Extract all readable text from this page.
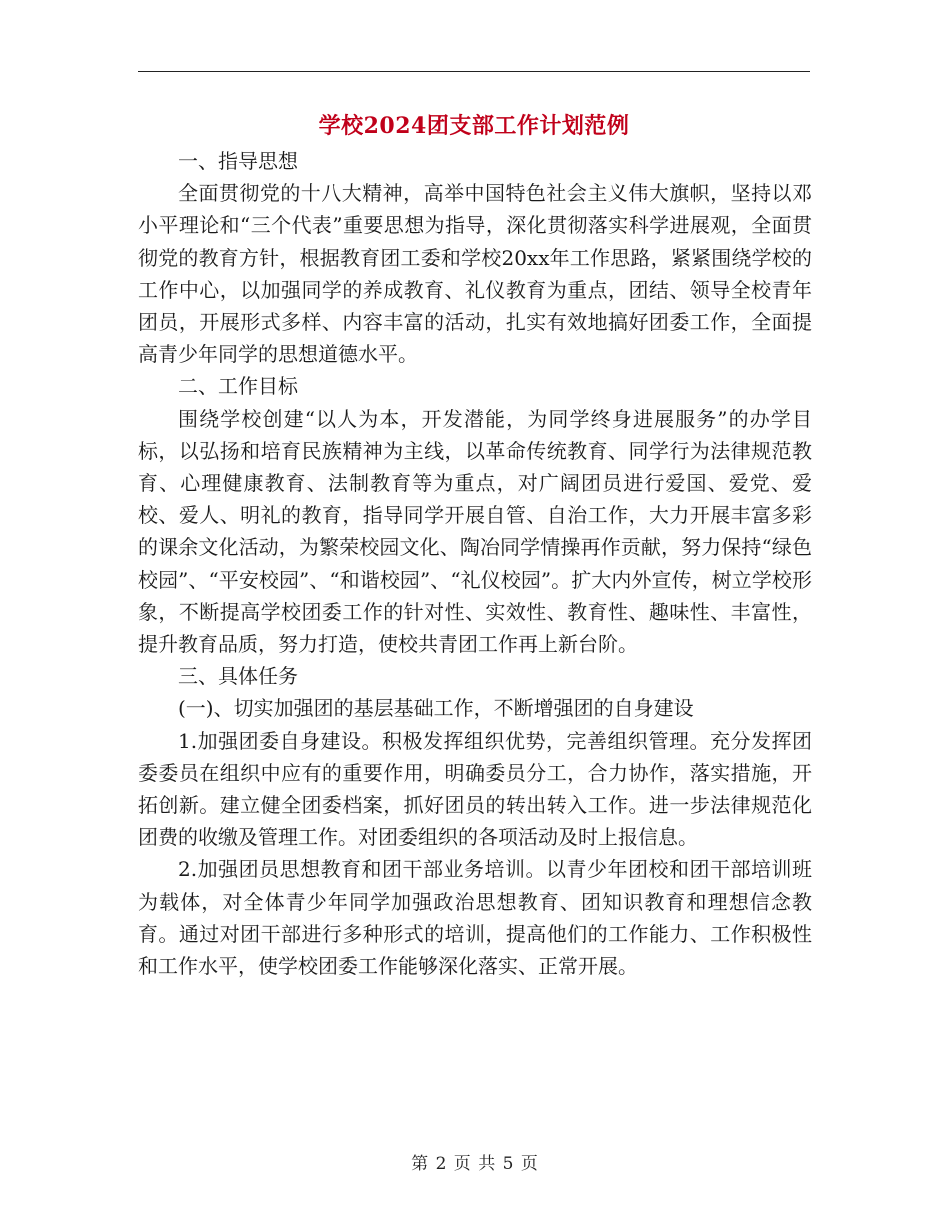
学校2024团支部工作计划范例

一、指导思想

全面贯彻党的十八大精神，高举中国特色社会主义伟大旗帜，坚持以邓小平理论和“三个代表”重要思想为指导，深化贯彻落实科学进展观，全面贯彻党的教育方针，根据教育团工委和学校20xx年工作思路，紧紧围绕学校的工作中心，以加强同学的养成教育、礼仪教育为重点，团结、领导全校青年团员，开展形式多样、内容丰富的活动，扎实有效地搞好团委工作，全面提高青少年同学的思想道德水平。

二、工作目标

围绕学校创建“以人为本，开发潜能，为同学终身进展服务”的办学目标，以弘扬和培育民族精神为主线，以革命传统教育、同学行为法律规范教育、心理健康教育、法制教育等为重点，对广阔团员进行爱国、爱党、爱校、爱人、明礼的教育，指导同学开展自管、自治工作，大力开展丰富多彩的课余文化活动，为繁荣校园文化、陶冶同学情操再作贡献，努力保持“绿色校园”、“平安校园”、“和谐校园”、“礼仪校园”。扩大内外宣传，树立学校形象，不断提高学校团委工作的针对性、实效性、教育性、趣味性、丰富性，提升教育品质，努力打造，使校共青团工作再上新台阶。

三、具体任务

(一)、切实加强团的基层基础工作，不断增强团的自身建设

1.加强团委自身建设。积极发挥组织优势，完善组织管理。充分发挥团委委员在组织中应有的重要作用，明确委员分工，合力协作，落实措施，开拓创新。建立健全团委档案，抓好团员的转出转入工作。进一步法律规范化团费的收缴及管理工作。对团委组织的各项活动及时上报信息。

2.加强团员思想教育和团干部业务培训。以青少年团校和团干部培训班为载体，对全体青少年同学加强政治思想教育、团知识教育和理想信念教育。通过对团干部进行多种形式的培训，提高他们的工作能力、工作积极性和工作水平，使学校团委工作能够深化落实、正常开展。

第 2 页 共 5 页
